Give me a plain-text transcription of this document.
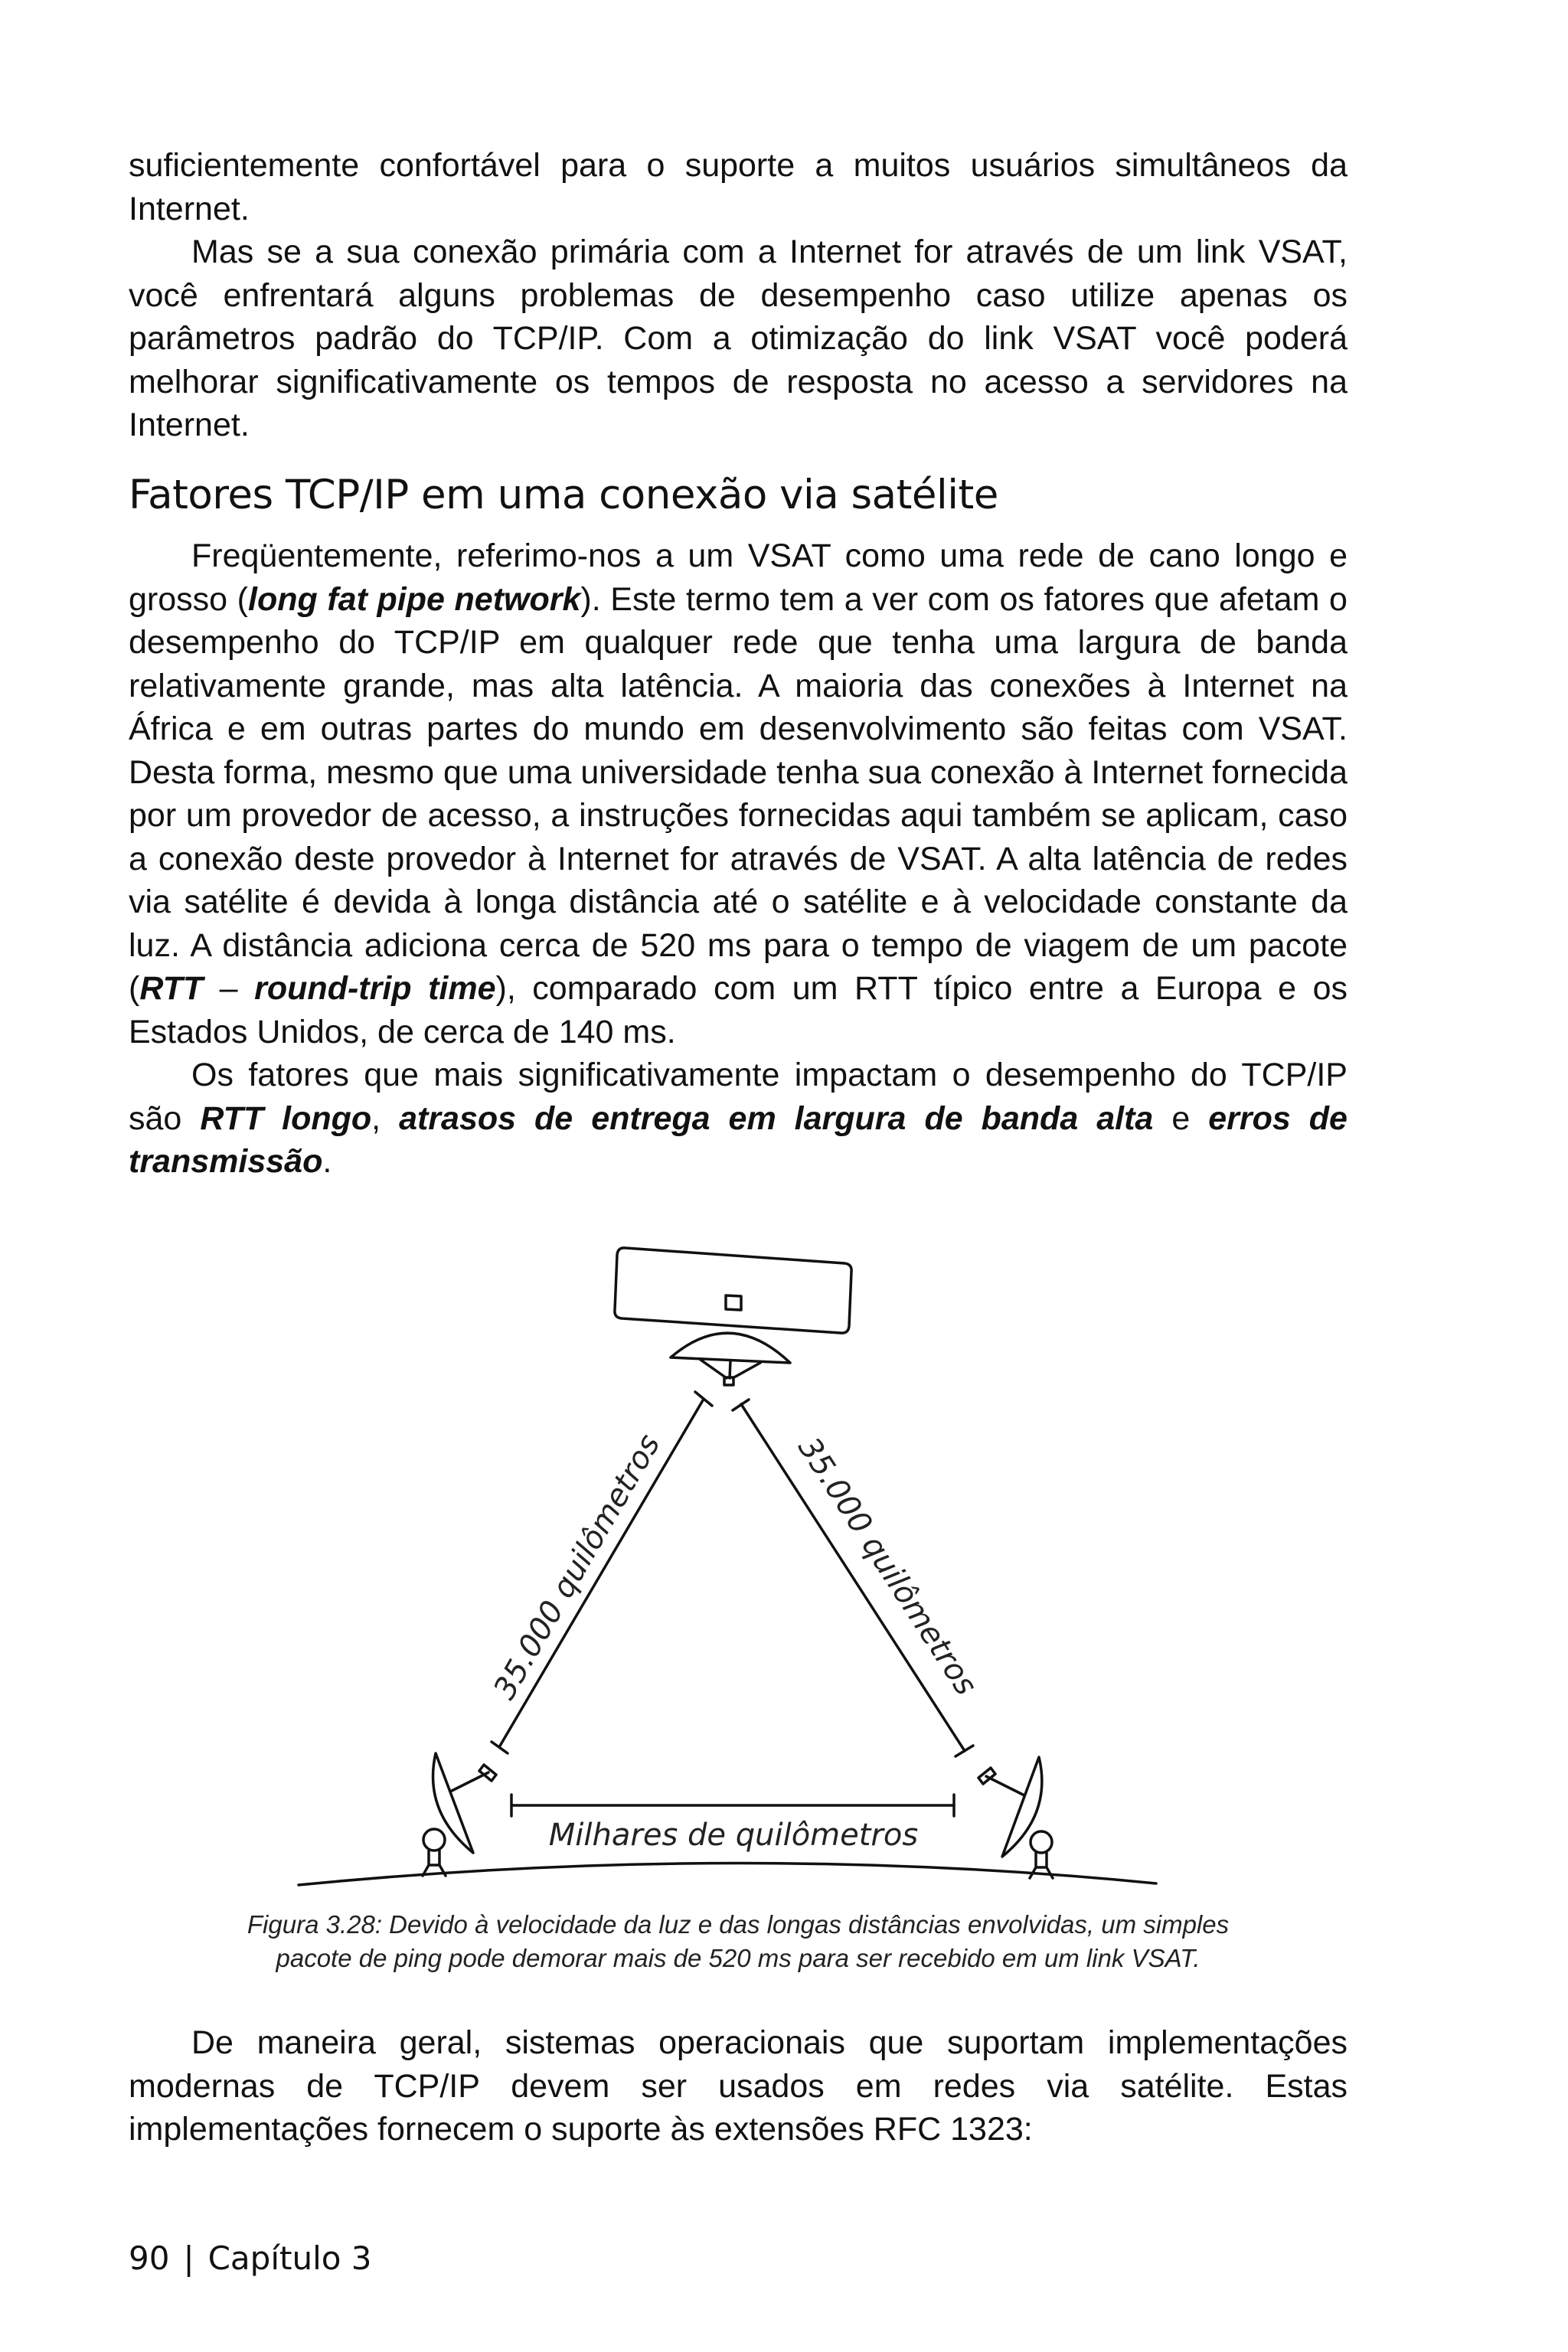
suficientemente confortável para o suporte a muitos usuários simultâneos da Internet.

Mas se a sua conexão primária com a Internet for através de um link VSAT, você enfrentará alguns problemas de desempenho caso utilize apenas os parâmetros padrão do TCP/IP. Com a otimização do link VSAT você poderá melhorar significativamente os tempos de resposta no acesso a servidores na Internet.

Fatores TCP/IP em uma conexão via satélite

Freqüentemente, referimo-nos a um VSAT como uma rede de cano longo e grosso (long fat pipe network). Este termo tem a ver com os fatores que afetam o desempenho do TCP/IP em qualquer rede que tenha uma largura de banda relativamente grande, mas alta latência. A maioria das conexões à Internet na África e em outras partes do mundo em desenvolvimento são feitas com VSAT. Desta forma, mesmo que uma universidade tenha sua conexão à Internet fornecida por um provedor de acesso, a instruções fornecidas aqui também se aplicam, caso a conexão deste provedor à Internet for através de VSAT. A alta latência de redes via satélite é devida à longa distância até o satélite e à velocidade constante da luz. A distância adiciona cerca de 520 ms para o tempo de viagem de um pacote (RTT – round-trip time), comparado com um RTT típico entre a Europa e os Estados Unidos, de cerca de 140 ms.

Os fatores que mais significativamente impactam o desempenho do TCP/IP são RTT longo, atrasos de entrega em largura de banda alta e erros de transmissão.

35.000 quilômetros	35.000 quilômetros
Milhares de quilômetros
Figura 3.28: Devido à velocidade da luz e das longas distâncias envolvidas, um simples
pacote de ping pode demorar mais de 520 ms para ser recebido em um link VSAT.

De maneira geral, sistemas operacionais que suportam implementações modernas de TCP/IP devem ser usados em redes via satélite. Estas implementações fornecem o suporte às extensões RFC 1323:

90 | Capítulo 3
